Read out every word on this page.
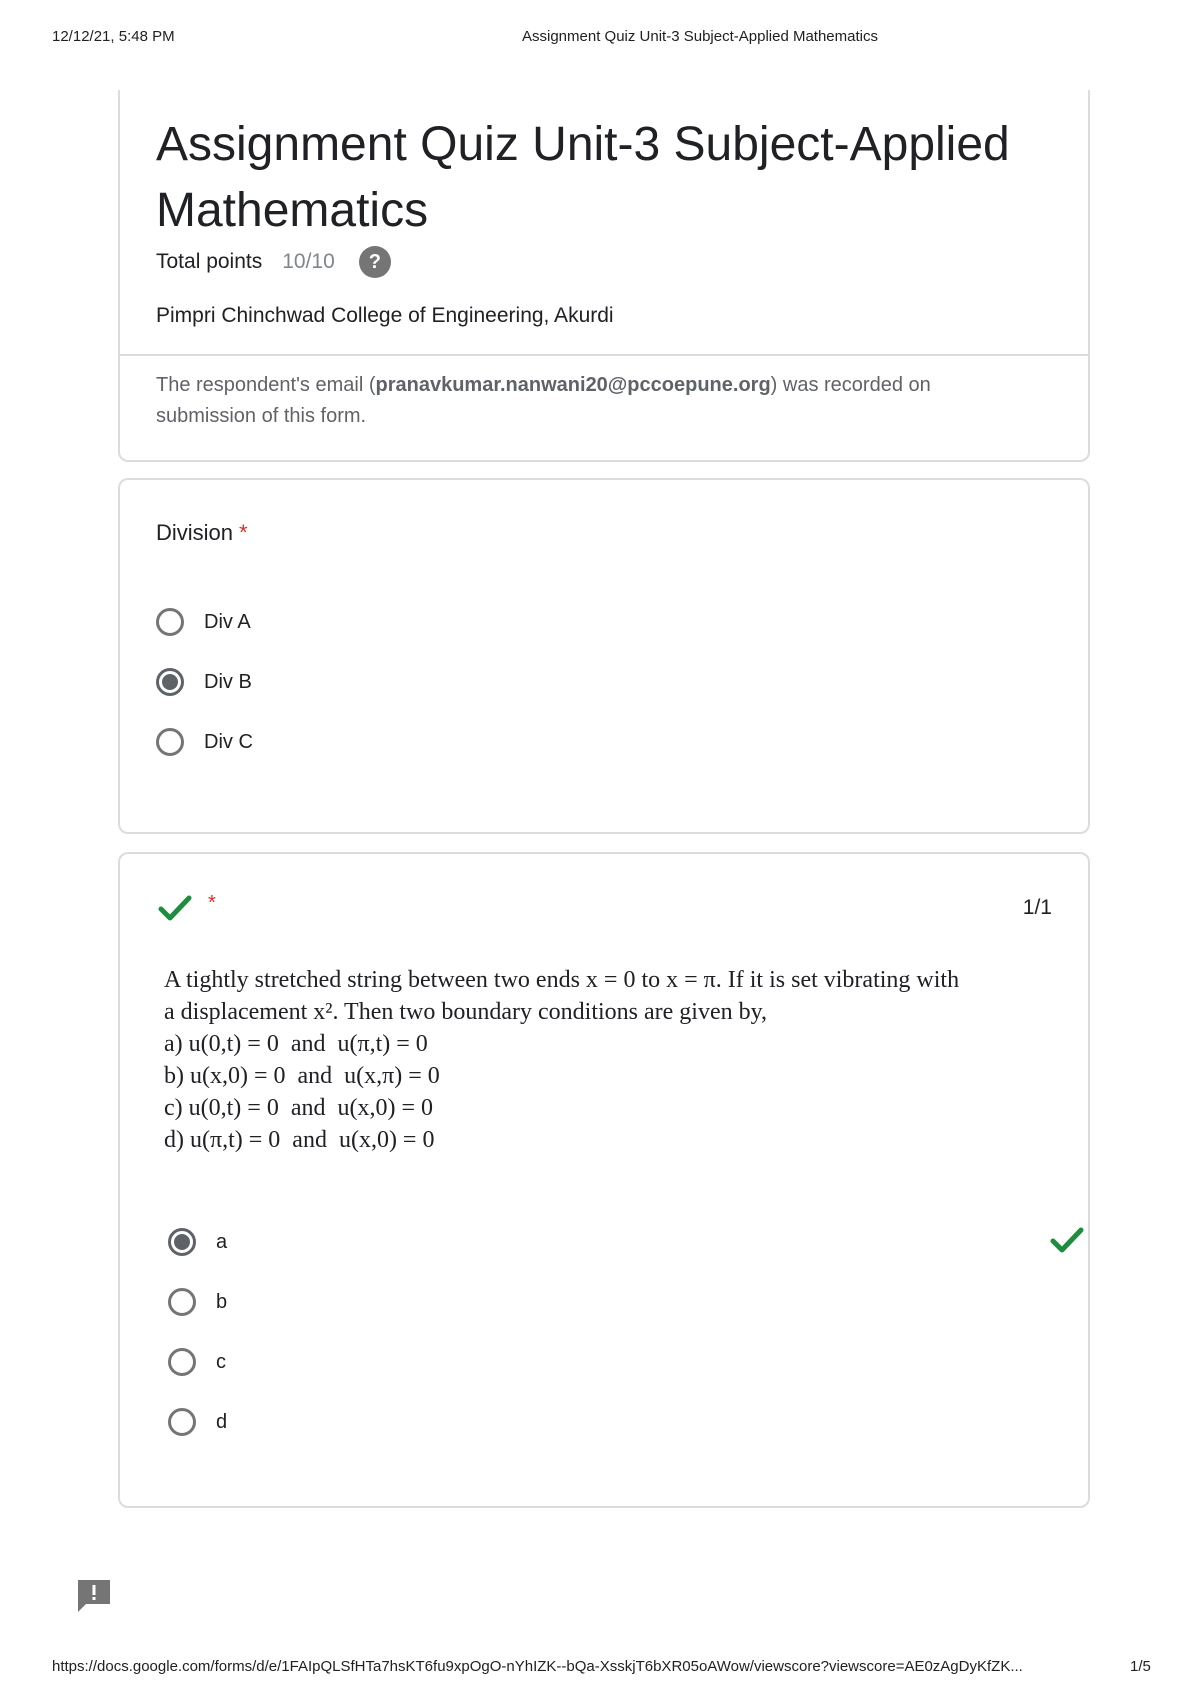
12/12/21, 5:48 PM	Assignment Quiz Unit-3 Subject-Applied Mathematics
Assignment Quiz Unit-3 Subject-Applied Mathematics
Total points 10/10	?
Pimpri Chinchwad College of Engineering, Akurdi
The respondent's email (pranavkumar.nanwani20@pccoepune.org) was recorded on submission of this form.
Division *
Div A
Div B
Div C
*	1/1
A tightly stretched string between two ends x = 0 to x = π. If it is set vibrating with
a displacement x². Then two boundary conditions are given by,
a) u(0,t) = 0  and  u(π,t) = 0
b) u(x,0) = 0  and  u(x,π) = 0
c) u(0,t) = 0  and  u(x,0) = 0
d) u(π,t) = 0  and  u(x,0) = 0
a
b
c
d
https://docs.google.com/forms/d/e/1FAIpQLSfHTa7hsKT6fu9xpOgO-nYhIZK--bQa-XsskjT6bXR05oAWow/viewscore?viewscore=AE0zAgDyKfZK...	1/5
